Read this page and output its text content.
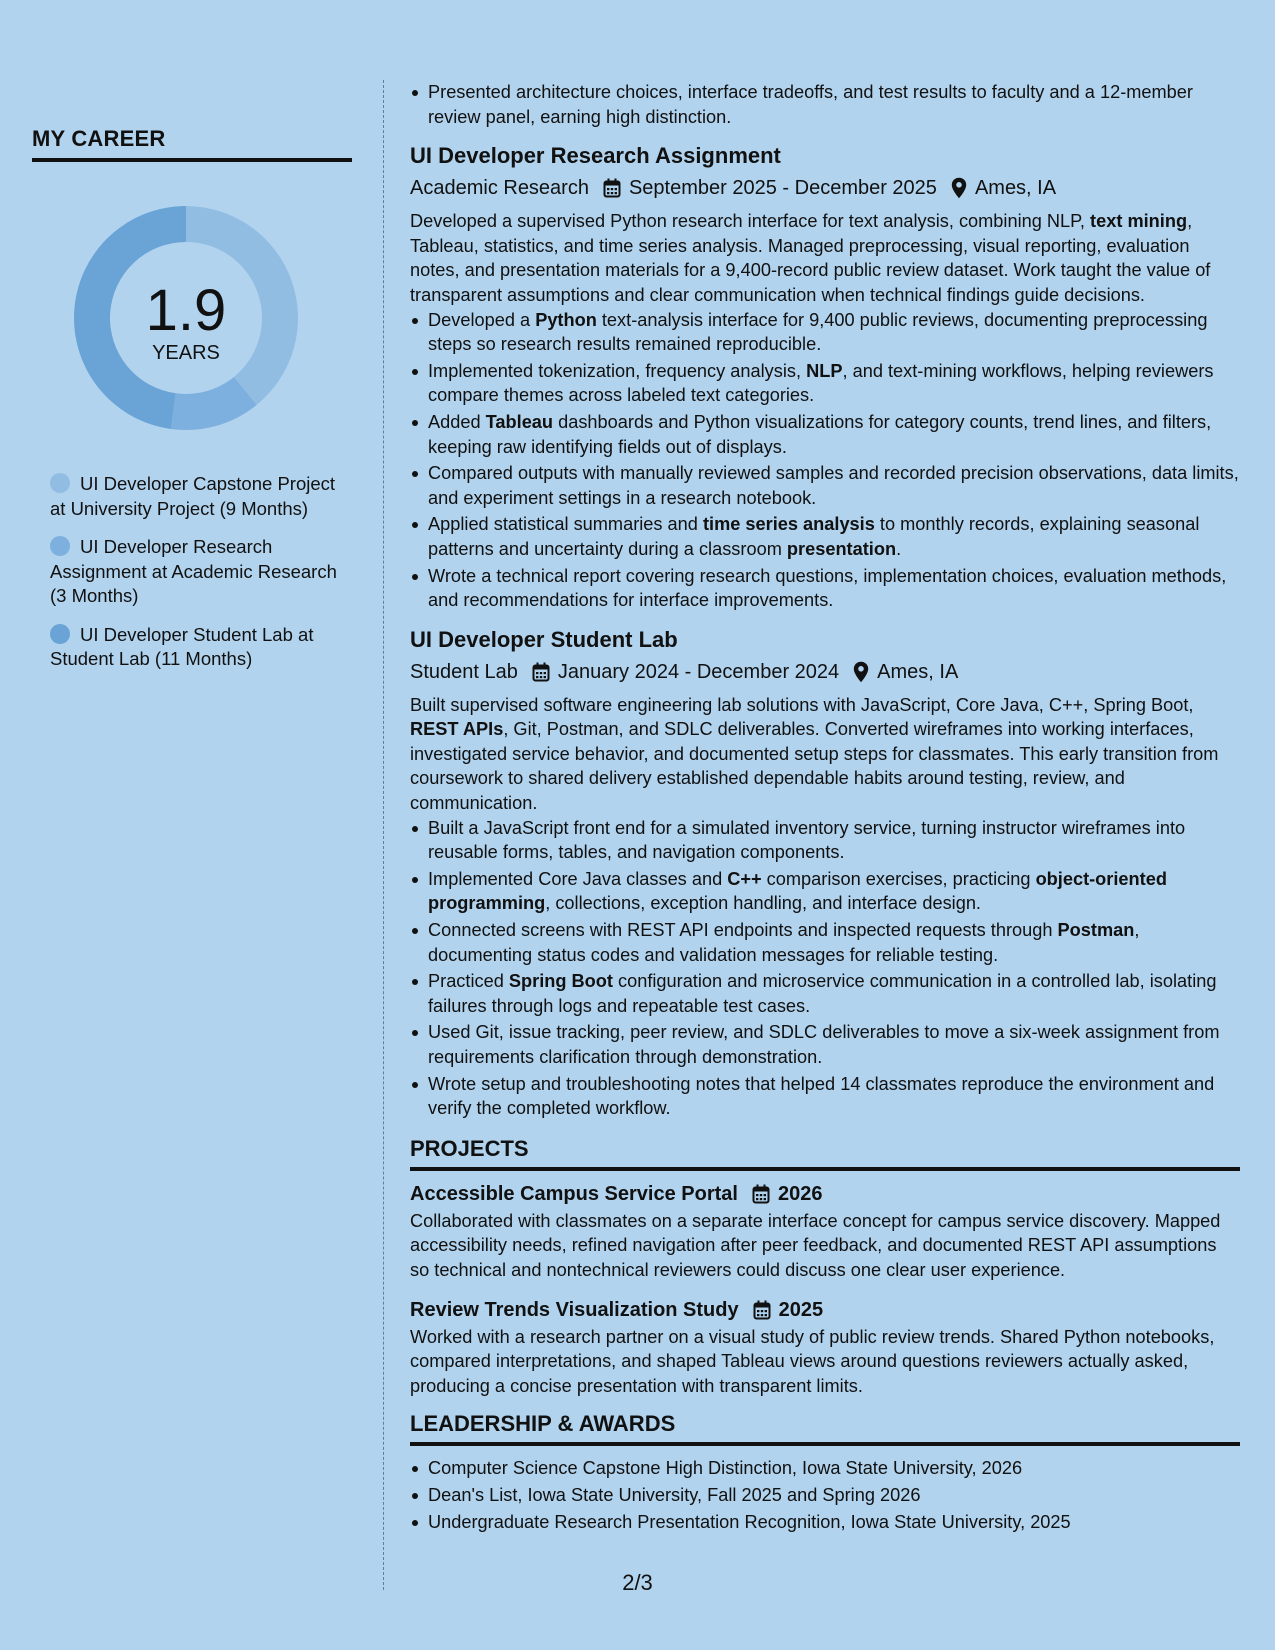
MY CAREER
1.9
YEARS
UI Developer Capstone Project at University Project (9 Months)
UI Developer Research Assignment at Academic Research (3 Months)
UI Developer Student Lab at Student Lab (11 Months)
Presented architecture choices, interface tradeoffs, and test results to faculty and a 12-member review panel, earning high distinction.
UI Developer Research Assignment
Academic Research September 2025 - December 2025 Ames, IA
Developed a supervised Python research interface for text analysis, combining NLP, text mining, Tableau, statistics, and time series analysis. Managed preprocessing, visual reporting, evaluation notes, and presentation materials for a 9,400-record public review dataset. Work taught the value of transparent assumptions and clear communication when technical findings guide decisions.
Developed a Python text-analysis interface for 9,400 public reviews, documenting preprocessing steps so research results remained reproducible.
Implemented tokenization, frequency analysis, NLP, and text-mining workflows, helping reviewers compare themes across labeled text categories.
Added Tableau dashboards and Python visualizations for category counts, trend lines, and filters, keeping raw identifying fields out of displays.
Compared outputs with manually reviewed samples and recorded precision observations, data limits, and experiment settings in a research notebook.
Applied statistical summaries and time series analysis to monthly records, explaining seasonal patterns and uncertainty during a classroom presentation.
Wrote a technical report covering research questions, implementation choices, evaluation methods, and recommendations for interface improvements.
UI Developer Student Lab
Student Lab January 2024 - December 2024 Ames, IA
Built supervised software engineering lab solutions with JavaScript, Core Java, C++, Spring Boot, REST APIs, Git, Postman, and SDLC deliverables. Converted wireframes into working interfaces, investigated service behavior, and documented setup steps for classmates. This early transition from coursework to shared delivery established dependable habits around testing, review, and communication.
Built a JavaScript front end for a simulated inventory service, turning instructor wireframes into reusable forms, tables, and navigation components.
Implemented Core Java classes and C++ comparison exercises, practicing object-oriented programming, collections, exception handling, and interface design.
Connected screens with REST API endpoints and inspected requests through Postman, documenting status codes and validation messages for reliable testing.
Practiced Spring Boot configuration and microservice communication in a controlled lab, isolating failures through logs and repeatable test cases.
Used Git, issue tracking, peer review, and SDLC deliverables to move a six-week assignment from requirements clarification through demonstration.
Wrote setup and troubleshooting notes that helped 14 classmates reproduce the environment and verify the completed workflow.
PROJECTS
Accessible Campus Service Portal 2026
Collaborated with classmates on a separate interface concept for campus service discovery. Mapped accessibility needs, refined navigation after peer feedback, and documented REST API assumptions so technical and nontechnical reviewers could discuss one clear user experience.
Review Trends Visualization Study 2025
Worked with a research partner on a visual study of public review trends. Shared Python notebooks, compared interpretations, and shaped Tableau views around questions reviewers actually asked, producing a concise presentation with transparent limits.
LEADERSHIP & AWARDS
Computer Science Capstone High Distinction, Iowa State University, 2026
Dean's List, Iowa State University, Fall 2025 and Spring 2026
Undergraduate Research Presentation Recognition, Iowa State University, 2025
2/3
